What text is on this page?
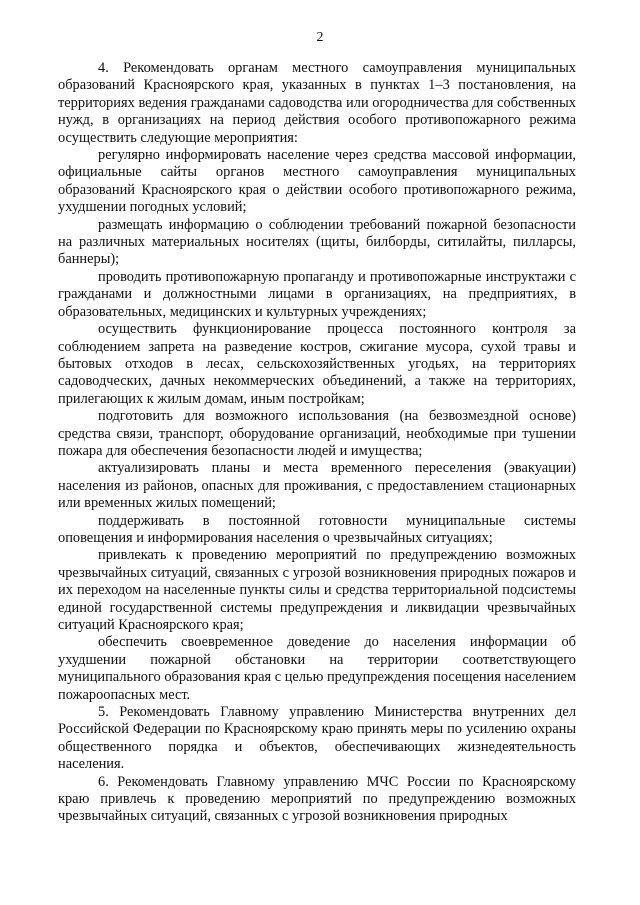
2

4. Рекомендовать органам местного самоуправления муниципальных образований Красноярского края, указанных в пунктах 1–3 постановления, на территориях ведения гражданами садоводства или огородничества для собственных нужд, в организациях на период действия особого противопожарного режима осуществить следующие мероприятия:

регулярно информировать население через средства массовой информации, официальные сайты органов местного самоуправления муниципальных образований Красноярского края о действии особого противопожарного режима, ухудшении погодных условий;

размещать информацию о соблюдении требований пожарной безопасности на различных материальных носителях (щиты, билборды, ситилайты, пилларсы, баннеры);

проводить противопожарную пропаганду и противопожарные инструктажи с гражданами и должностными лицами в организациях, на предприятиях, в образовательных, медицинских и культурных учреждениях;

осуществить функционирование процесса постоянного контроля за соблюдением запрета на разведение костров, сжигание мусора, сухой травы и бытовых отходов в лесах, сельскохозяйственных угодьях, на территориях садоводческих, дачных некоммерческих объединений, а также на территориях, прилегающих к жилым домам, иным постройкам;

подготовить для возможного использования (на безвозмездной основе) средства связи, транспорт, оборудование организаций, необходимые при тушении пожара для обеспечения безопасности людей и имущества;

актуализировать планы и места временного переселения (эвакуации) населения из районов, опасных для проживания, с предоставлением стационарных или временных жилых помещений;

поддерживать в постоянной готовности муниципальные системы оповещения и информирования населения о чрезвычайных ситуациях;

привлекать к проведению мероприятий по предупреждению возможных чрезвычайных ситуаций, связанных с угрозой возникновения природных пожаров и их переходом на населенные пункты силы и средства территориальной подсистемы единой государственной системы предупреждения и ликвидации чрезвычайных ситуаций Красноярского края;

обеспечить своевременное доведение до населения информации об ухудшении пожарной обстановки на территории соответствующего муниципального образования края с целью предупреждения посещения населением пожароопасных мест.

5. Рекомендовать Главному управлению Министерства внутренних дел Российской Федерации по Красноярскому краю принять меры по усилению охраны общественного порядка и объектов, обеспечивающих жизнедеятельность населения.

6. Рекомендовать Главному управлению МЧС России по Красноярскому краю привлечь к проведению мероприятий по предупреждению возможных чрезвычайных ситуаций, связанных с угрозой возникновения природных
